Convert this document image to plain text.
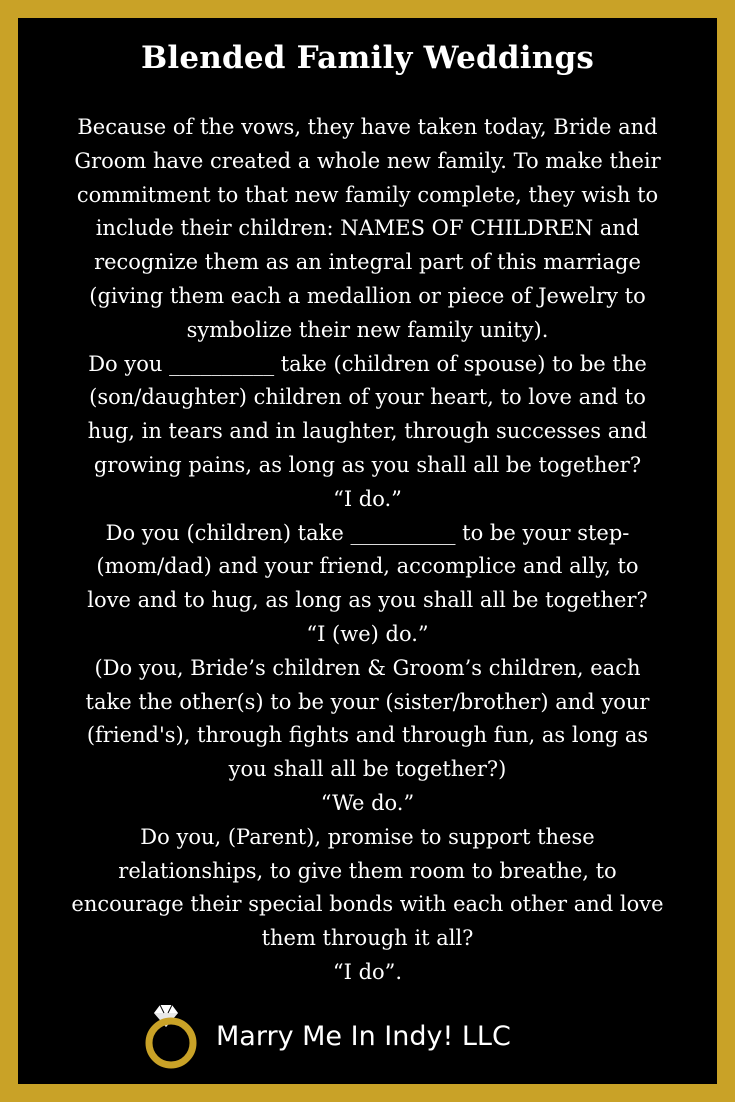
Blended Family Weddings
Because of the vows, they have taken today, Bride and
Groom have created a whole new family. To make their
commitment to that new family complete, they wish to
include their children: NAMES OF CHILDREN and
recognize them as an integral part of this marriage
(giving them each a medallion or piece of Jewelry to
symbolize their new family unity).
Do you __________ take (children of spouse) to be the
(son/daughter) children of your heart, to love and to
hug, in tears and in laughter, through successes and
growing pains, as long as you shall all be together?
“I do.”
Do you (children) take __________ to be your step-
(mom/dad) and your friend, accomplice and ally, to
love and to hug, as long as you shall all be together?
“I (we) do.”
(Do you, Bride’s children & Groom’s children, each
take the other(s) to be your (sister/brother) and your
(friend's), through fights and through fun, as long as
you shall all be together?)
“We do.”
Do you, (Parent), promise to support these
relationships, to give them room to breathe, to
encourage their special bonds with each other and love
them through it all?
“I do”.
Marry Me In Indy! LLC
